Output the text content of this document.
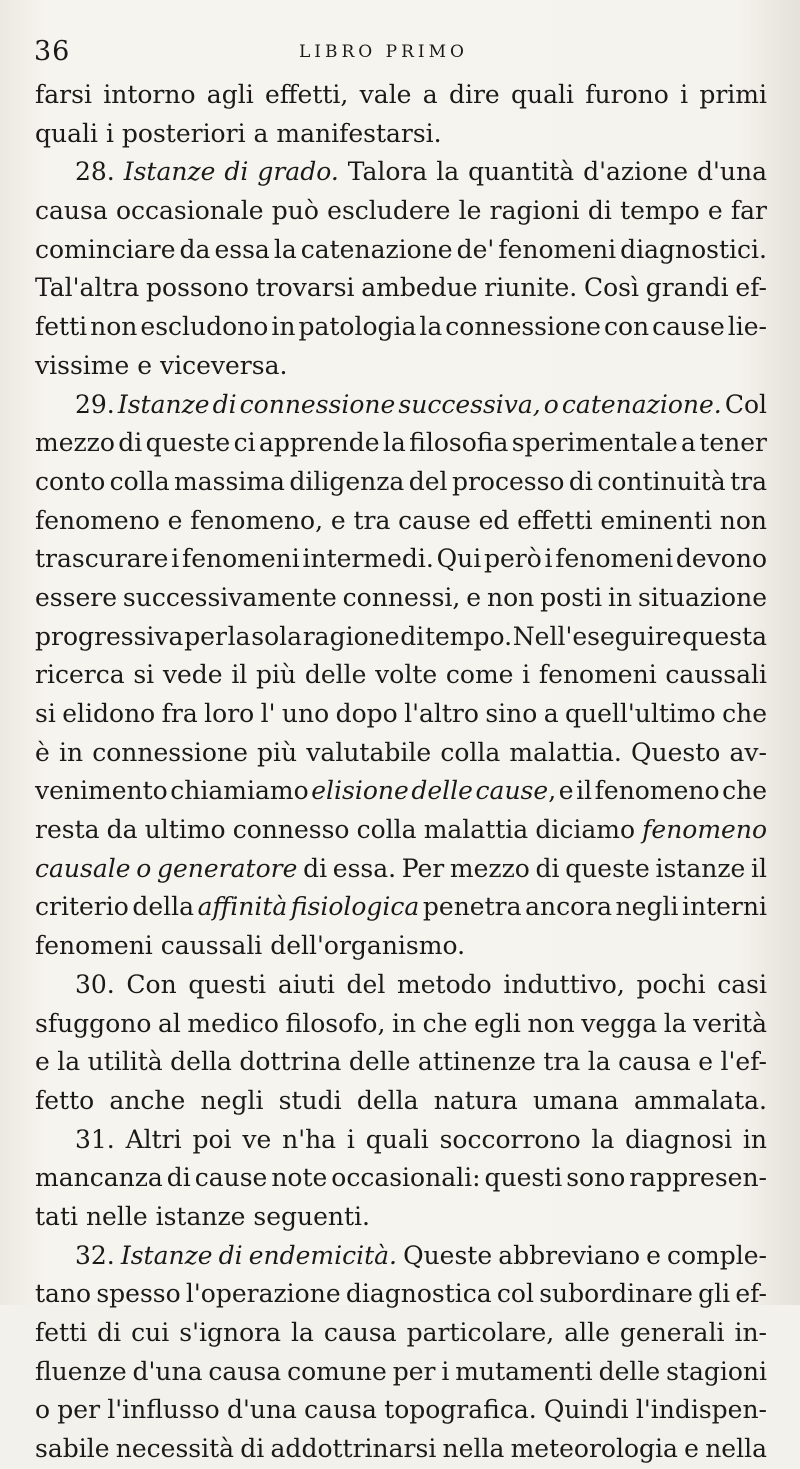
36	LIBRO PRIMO
farsi intorno agli effetti, vale a dire quali furono i primi
quali i posteriori a manifestarsi.
28. Istanze di grado. Talora la quantità d'azione d'una
causa occasionale può escludere le ragioni di tempo e far
cominciare da essa la catenazione de' fenomeni diagnostici.
Tal'altra possono trovarsi ambedue riunite. Così grandi ef-
fetti non escludono in patologia la connessione con cause lie-
vissime e viceversa.
29. Istanze di connessione successiva, o catenazione. Col
mezzo di queste ci apprende la filosofia sperimentale a tener
conto colla massima diligenza del processo di continuità tra
fenomeno e fenomeno, e tra cause ed effetti eminenti non
trascurare i fenomeni intermedi. Qui però i fenomeni devono
essere successivamente connessi, e non posti in situazione
progressiva per la sola ragione di tempo. Nell'eseguire questa
ricerca si vede il più delle volte come i fenomeni caussali
si elidono fra loro l' uno dopo l'altro sino a quell'ultimo che
è in connessione più valutabile colla malattia. Questo av-
venimento chiamiamo elisione delle cause, e il fenomeno che
resta da ultimo connesso colla malattia diciamo fenomeno
causale o generatore di essa. Per mezzo di queste istanze il
criterio della affinità fisiologica penetra ancora negli interni
fenomeni caussali dell'organismo.
30. Con questi aiuti del metodo induttivo, pochi casi
sfuggono al medico filosofo, in che egli non vegga la verità
e la utilità della dottrina delle attinenze tra la causa e l'ef-
fetto anche negli studi della natura umana ammalata.
31. Altri poi ve n'ha i quali soccorrono la diagnosi in
mancanza di cause note occasionali: questi sono rappresen-
tati nelle istanze seguenti.
32. Istanze di endemicità. Queste abbreviano e comple-
tano spesso l'operazione diagnostica col subordinare gli ef-
fetti di cui s'ignora la causa particolare, alle generali in-
fluenze d'una causa comune per i mutamenti delle stagioni
o per l'influsso d'una causa topografica. Quindi l'indispen-
sabile necessità di addottrinarsi nella meteorologia e nella
